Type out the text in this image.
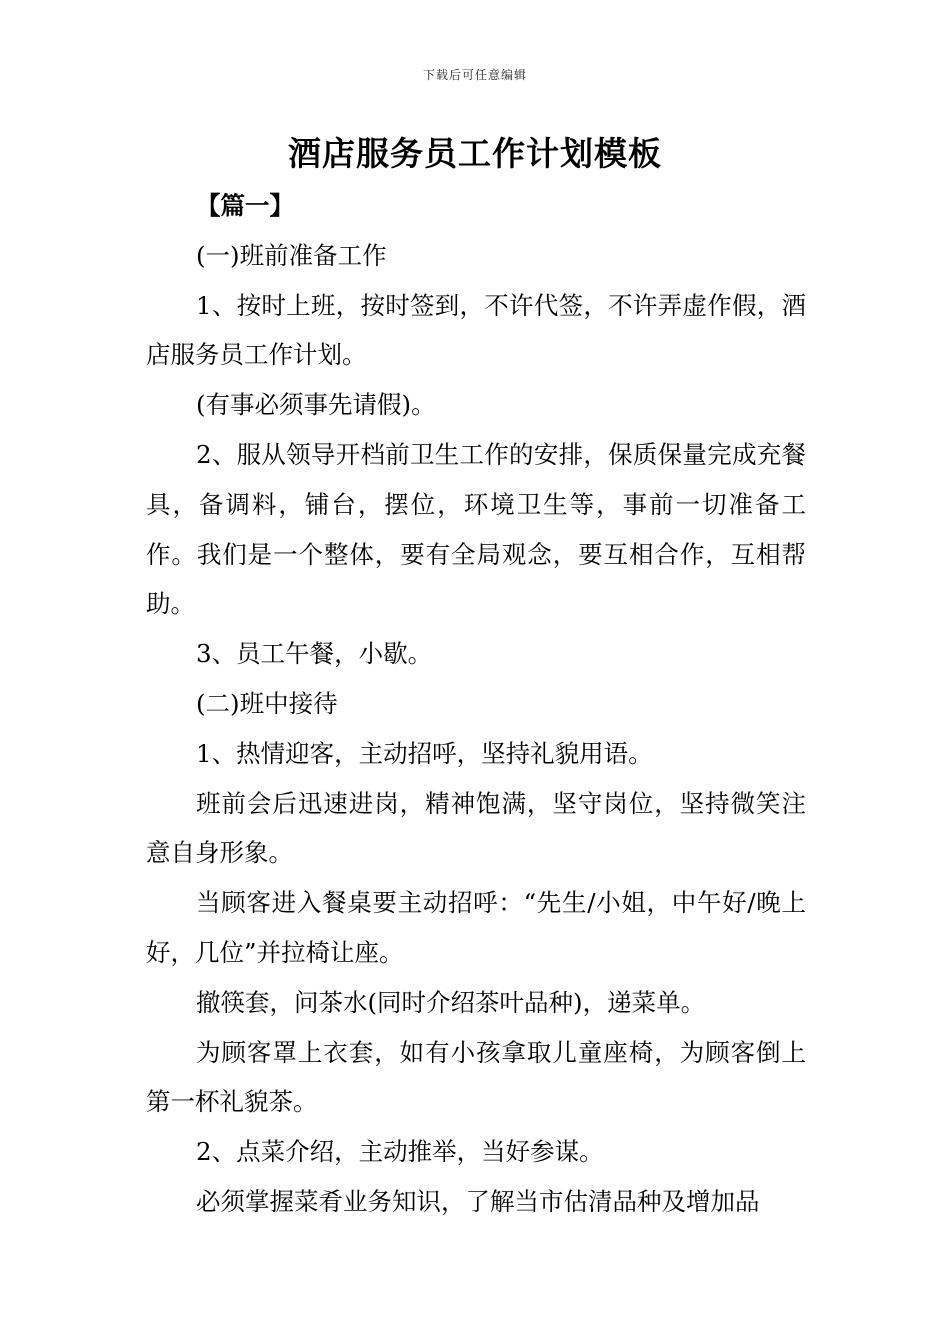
下载后可任意编辑
酒店服务员工作计划模板

【篇一】

(一)班前准备工作

1、按时上班，按时签到，不许代签，不许弄虚作假，酒店服务员工作计划。

(有事必须事先请假)。

2、服从领导开档前卫生工作的安排，保质保量完成充餐具，备调料，铺台，摆位，环境卫生等，事前一切准备工作。我们是一个整体，要有全局观念，要互相合作，互相帮助。

3、员工午餐，小歇。

(二)班中接待

1、热情迎客，主动招呼，坚持礼貌用语。

班前会后迅速进岗，精神饱满，坚守岗位，坚持微笑注意自身形象。

当顾客进入餐桌要主动招呼：“先生/小姐，中午好/晚上好，几位”并拉椅让座。

撤筷套，问茶水(同时介绍茶叶品种)，递菜单。

为顾客罩上衣套，如有小孩拿取儿童座椅，为顾客倒上第一杯礼貌茶。

2、点菜介绍，主动推举，当好参谋。

必须掌握菜肴业务知识，了解当市估清品种及增加品
